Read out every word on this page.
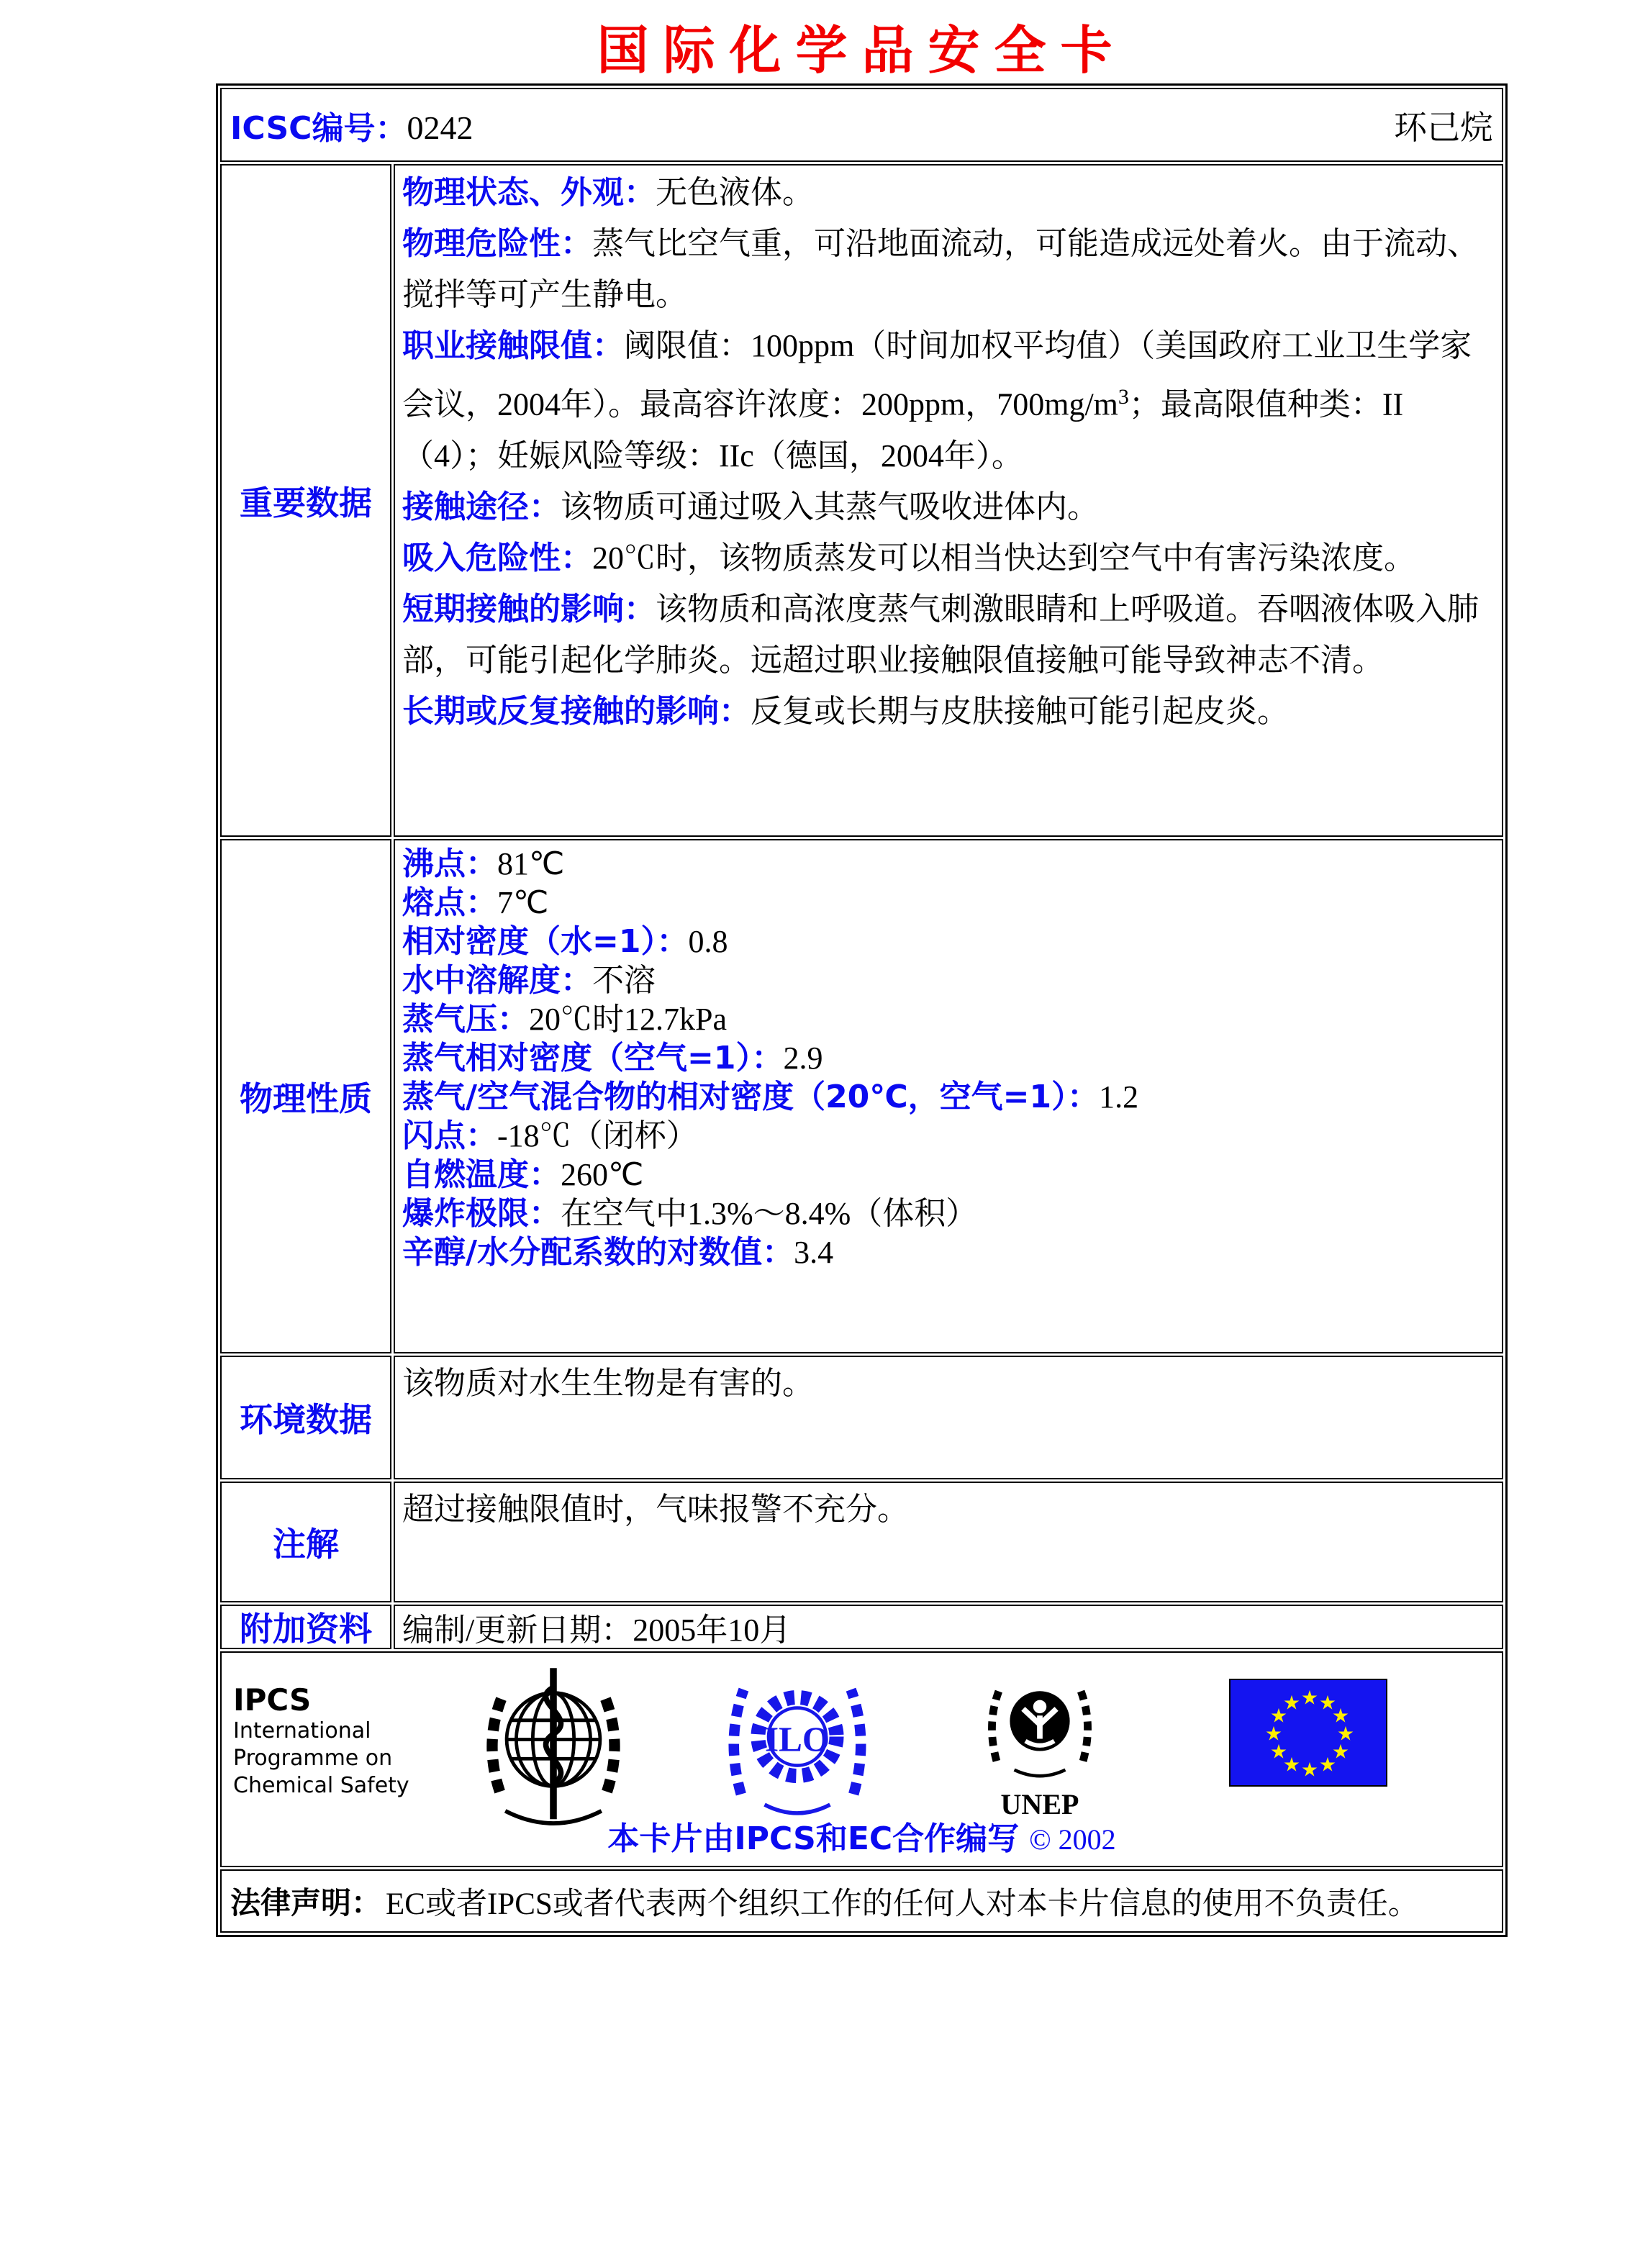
国际化学品安全卡
ICSC编号：0242	环己烷
重要数据
物理状态、外观：无色液体。
物理危险性：蒸气比空气重，可沿地面流动，可能造成远处着火。由于流动、搅拌等可产生静电。
职业接触限值：阈限值：100ppm（时间加权平均值）（美国政府工业卫生学家会议，2004年）。最高容许浓度：200ppm，$700mg/m^3$；最高限值种类：II（4）；妊娠风险等级：IIc（德国，2004年）。
接触途径：该物质可通过吸入其蒸气吸收进体内。
吸入危险性：20℃时，该物质蒸发可以相当快达到空气中有害污染浓度。
短期接触的影响：该物质和高浓度蒸气刺激眼睛和上呼吸道。吞咽液体吸入肺部，可能引起化学肺炎。远超过职业接触限值接触可能导致神志不清。
长期或反复接触的影响：反复或长期与皮肤接触可能引起皮炎。
物理性质
沸点：81℃
熔点：7℃
相对密度（水=1）：0.8
水中溶解度：不溶
蒸气压：20℃时12.7kPa
蒸气相对密度（空气=1）：2.9
蒸气/空气混合物的相对密度（20℃，空气=1）：1.2
闪点：-18℃（闭杯）
自燃温度：260℃
爆炸极限：在空气中1.3%～8.4%（体积）
辛醇/水分配系数的对数值：3.4
环境数据
该物质对水生生物是有害的。
注解
超过接触限值时，气味报警不充分。
附加资料 编制/更新日期：2005年10月
IPCS
International
Programme on
Chemical Safety
ILO
UNEP
★ ★
★
★
★
★
★
★
★
★
★
★
本卡片由IPCS和EC合作编写 © 2002
法律声明： EC或者IPCS或者代表两个组织工作的任何人对本卡片信息的使用不负责任。
